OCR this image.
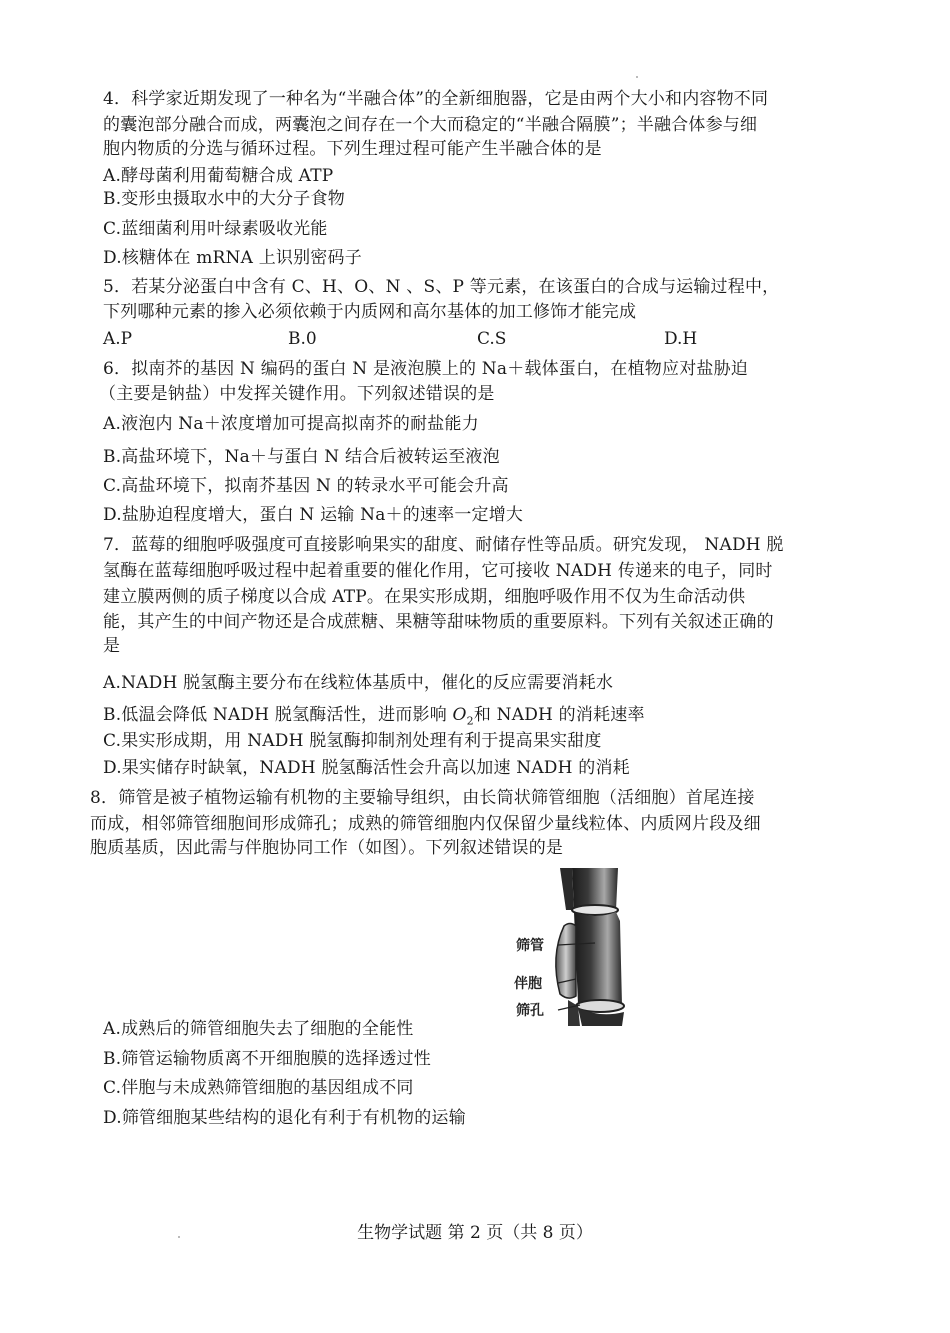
4．科学家近期发现了一种名为“半融合体”的全新细胞器，它是由两个大小和内容物不同
的囊泡部分融合而成，两囊泡之间存在一个大而稳定的“半融合隔膜”；半融合体参与细
胞内物质的分选与循环过程。下列生理过程可能产生半融合体的是
A.酵母菌利用葡萄糖合成 ATP
B.变形虫摄取水中的大分子食物
C.蓝细菌利用叶绿素吸收光能
D.核糖体在 mRNA 上识别密码子
5．若某分泌蛋白中含有 C、H、O、N 、S、P 等元素，在该蛋白的合成与运输过程中，
下列哪种元素的掺入必须依赖于内质网和高尔基体的加工修饰才能完成
A.P	B.0	C.S	D.H
6．拟南芥的基因 N 编码的蛋白 N 是液泡膜上的 Na＋载体蛋白，在植物应对盐胁迫
（主要是钠盐）中发挥关键作用。下列叙述错误的是
A.液泡内 Na＋浓度增加可提高拟南芥的耐盐能力
B.高盐环境下，Na＋与蛋白 N 结合后被转运至液泡
C.高盐环境下，拟南芥基因 N 的转录水平可能会升高
D.盐胁迫程度增大，蛋白 N 运输 Na＋的速率一定增大
7．蓝莓的细胞呼吸强度可直接影响果实的甜度、耐储存性等品质。研究发现， NADH 脱
氢酶在蓝莓细胞呼吸过程中起着重要的催化作用，它可接收 NADH 传递来的电子，同时
建立膜两侧的质子梯度以合成 ATP。在果实形成期，细胞呼吸作用不仅为生命活动供
能，其产生的中间产物还是合成蔗糖、果糖等甜味物质的重要原料。下列有关叙述正确的
是
A.NADH 脱氢酶主要分布在线粒体基质中，催化的反应需要消耗水
B.低温会降低 NADH 脱氢酶活性，进而影响 $O_2$和 NADH 的消耗速率
C.果实形成期，用 NADH 脱氢酶抑制剂处理有利于提高果实甜度
D.果实储存时缺氧，NADH 脱氢酶活性会升高以加速 NADH 的消耗
8．筛管是被子植物运输有机物的主要输导组织，由长筒状筛管细胞（活细胞）首尾连接
而成，相邻筛管细胞间形成筛孔；成熟的筛管细胞内仅保留少量线粒体、内质网片段及细
胞质基质，因此需与伴胞协同工作（如图）。下列叙述错误的是
筛管
伴胞
筛孔
A.成熟后的筛管细胞失去了细胞的全能性
B.筛管运输物质离不开细胞膜的选择透过性
C.伴胞与未成熟筛管细胞的基因组成不同
D.筛管细胞某些结构的退化有利于有机物的运输
生物学试题 第 2 页（共 8 页）
